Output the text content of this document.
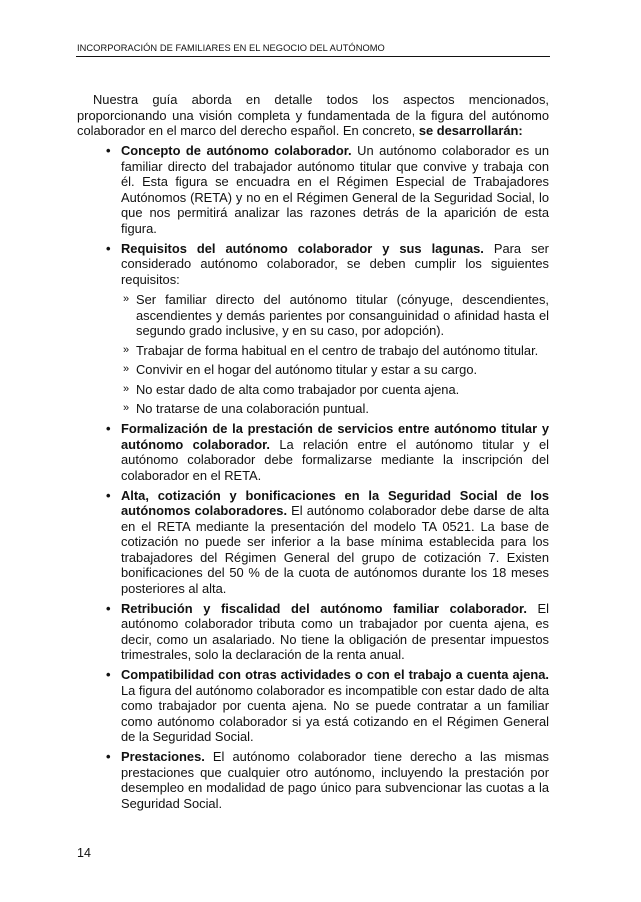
INCORPORACIÓN DE FAMILIARES EN EL NEGOCIO DEL AUTÓNOMO

Nuestra guía aborda en detalle todos los aspectos mencionados, proporcionando una visión completa y fundamentada de la figura del autónomo colaborador en el marco del derecho español. En concreto, se desarrollarán:

• Concepto de autónomo colaborador. Un autónomo colaborador es un familiar directo del trabajador autónomo titular que convive y trabaja con él. Esta figura se encuadra en el Régimen Especial de Trabajadores Autónomos (RETA) y no en el Régimen General de la Seguridad Social, lo que nos permitirá analizar las razones detrás de la aparición de esta figura.
• Requisitos del autónomo colaborador y sus lagunas. Para ser considerado autónomo colaborador, se deben cumplir los siguientes requisitos:
» Ser familiar directo del autónomo titular (cónyuge, descendientes, ascendientes y demás parientes por consanguinidad o afinidad hasta el segundo grado inclusive, y en su caso, por adopción).
» Trabajar de forma habitual en el centro de trabajo del autónomo titular.
» Convivir en el hogar del autónomo titular y estar a su cargo.
» No estar dado de alta como trabajador por cuenta ajena.
» No tratarse de una colaboración puntual.
• Formalización de la prestación de servicios entre autónomo titular y autónomo colaborador. La relación entre el autónomo titular y el autónomo colaborador debe formalizarse mediante la inscripción del colaborador en el RETA.
• Alta, cotización y bonificaciones en la Seguridad Social de los autónomos colaboradores. El autónomo colaborador debe darse de alta en el RETA mediante la presentación del modelo TA 0521. La base de cotización no puede ser inferior a la base mínima establecida para los trabajadores del Régimen General del grupo de cotización 7. Existen bonificaciones del 50 % de la cuota de autónomos durante los 18 meses posteriores al alta.
• Retribución y fiscalidad del autónomo familiar colaborador. El autónomo colaborador tributa como un trabajador por cuenta ajena, es decir, como un asalariado. No tiene la obligación de presentar impuestos trimestrales, solo la declaración de la renta anual.
• Compatibilidad con otras actividades o con el trabajo a cuenta ajena. La figura del autónomo colaborador es incompatible con estar dado de alta como trabajador por cuenta ajena. No se puede contratar a un familiar como autónomo colaborador si ya está cotizando en el Régimen General de la Seguridad Social.
• Prestaciones. El autónomo colaborador tiene derecho a las mismas prestaciones que cualquier otro autónomo, incluyendo la prestación por desempleo en modalidad de pago único para subvencionar las cuotas a la Seguridad Social.
14
